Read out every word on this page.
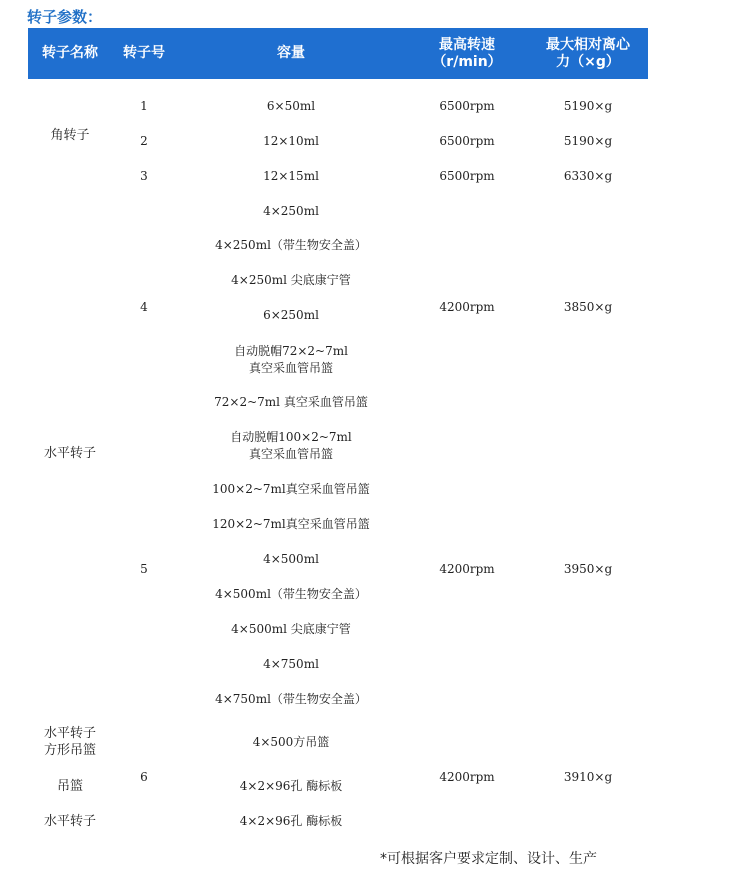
转子参数：
转子名称	转子号	容量
最高转速
（r/min）
最大相对离心
力（×g）
角转子
水平转子
水平转子
方形吊篮
吊篮
水平转子
1
2
3
4
5
6
6×50ml
12×10ml
12×15ml
4×250ml
4×250ml（带生物安全盖）
4×250ml 尖底康宁管
6×250ml
自动脱帽72×2~7ml
真空采血管吊篮
72×2~7ml 真空采血管吊篮
自动脱帽100×2~7ml
真空采血管吊篮
100×2~7ml真空采血管吊篮
120×2~7ml真空采血管吊篮
4×500ml
4×500ml（带生物安全盖）
4×500ml 尖底康宁管
4×750ml
4×750ml（带生物安全盖）
4×500方吊篮
4×2×96孔 酶标板
4×2×96孔 酶标板
6500rpm
6500rpm
6500rpm
4200rpm
4200rpm
4200rpm
5190×g
5190×g
6330×g
3850×g
3950×g
3910×g
*可根据客户要求定制、设计、生产
